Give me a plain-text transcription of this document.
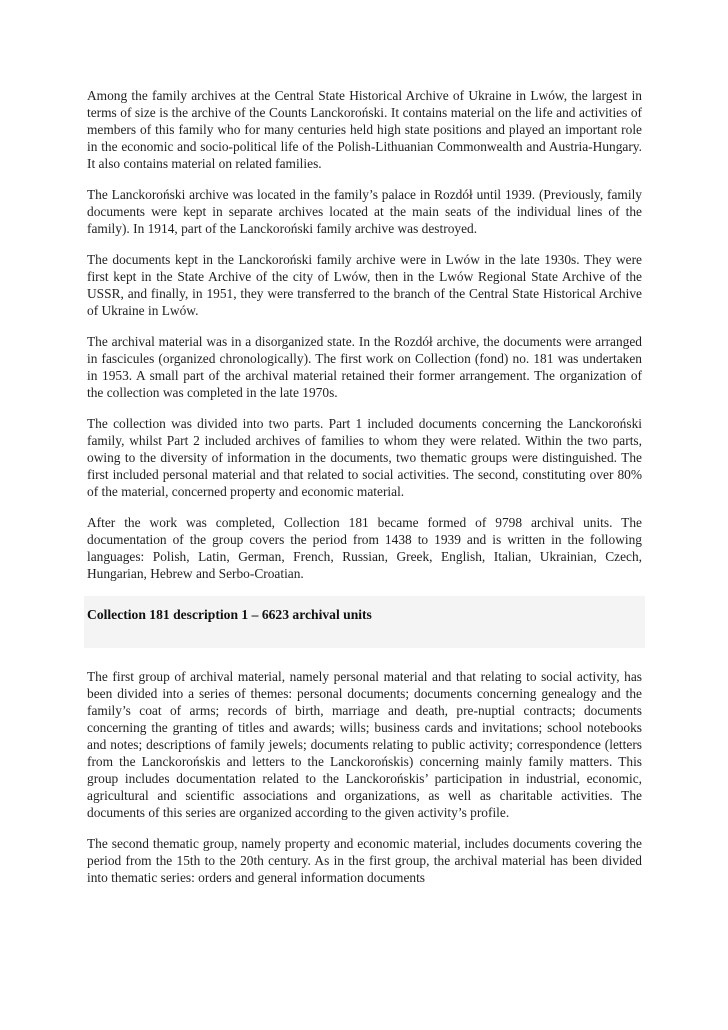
Among the family archives at the Central State Historical Archive of Ukraine in Lwów, the largest in terms of size is the archive of the Counts Lanckoroński. It contains material on the life and activities of members of this family who for many centuries held high state positions and played an important role in the economic and socio-political life of the Polish-Lithuanian Commonwealth and Austria-Hungary. It also contains material on related families.

The Lanckoroński archive was located in the family’s palace in Rozdół until 1939. (Previously, family documents were kept in separate archives located at the main seats of the individual lines of the family). In 1914, part of the Lanckoroński family archive was destroyed.

The documents kept in the Lanckoroński family archive were in Lwów in the late 1930s. They were first kept in the State Archive of the city of Lwów, then in the Lwów Regional State Archive of the USSR, and finally, in 1951, they were transferred to the branch of the Central State Historical Archive of Ukraine in Lwów.

The archival material was in a disorganized state. In the Rozdół archive, the documents were arranged in fascicules (organized chronologically). The first work on Collection (fond) no. 181 was undertaken in 1953. A small part of the archival material retained their former arrangement. The organization of the collection was completed in the late 1970s.

The collection was divided into two parts. Part 1 included documents concerning the Lanckoroński family, whilst Part 2 included archives of families to whom they were related. Within the two parts, owing to the diversity of information in the documents, two thematic groups were distinguished. The first included personal material and that related to social activities. The second, constituting over 80% of the material, concerned property and economic material.

After the work was completed, Collection 181 became formed of 9798 archival units. The documentation of the group covers the period from 1438 to 1939 and is written in the following languages: Polish, Latin, German, French, Russian, Greek, English, Italian, Ukrainian, Czech, Hungarian, Hebrew and Serbo-Croatian.

Collection 181 description 1 – 6623 archival units

The first group of archival material, namely personal material and that relating to social activity, has been divided into a series of themes: personal documents; documents concerning genealogy and the family’s coat of arms; records of birth, marriage and death, pre-nuptial contracts; documents concerning the granting of titles and awards; wills; business cards and invitations; school notebooks and notes; descriptions of family jewels; documents relating to public activity; correspondence (letters from the Lanckorońskis and letters to the Lanckorońskis) concerning mainly family matters. This group includes documentation related to the Lanckorońskis’ participation in industrial, economic, agricultural and scientific associations and organizations, as well as charitable activities. The documents of this series are organized according to the given activity’s profile.

The second thematic group, namely property and economic material, includes documents covering the period from the 15th to the 20th century. As in the first group, the archival material has been divided into thematic series: orders and general information documents
